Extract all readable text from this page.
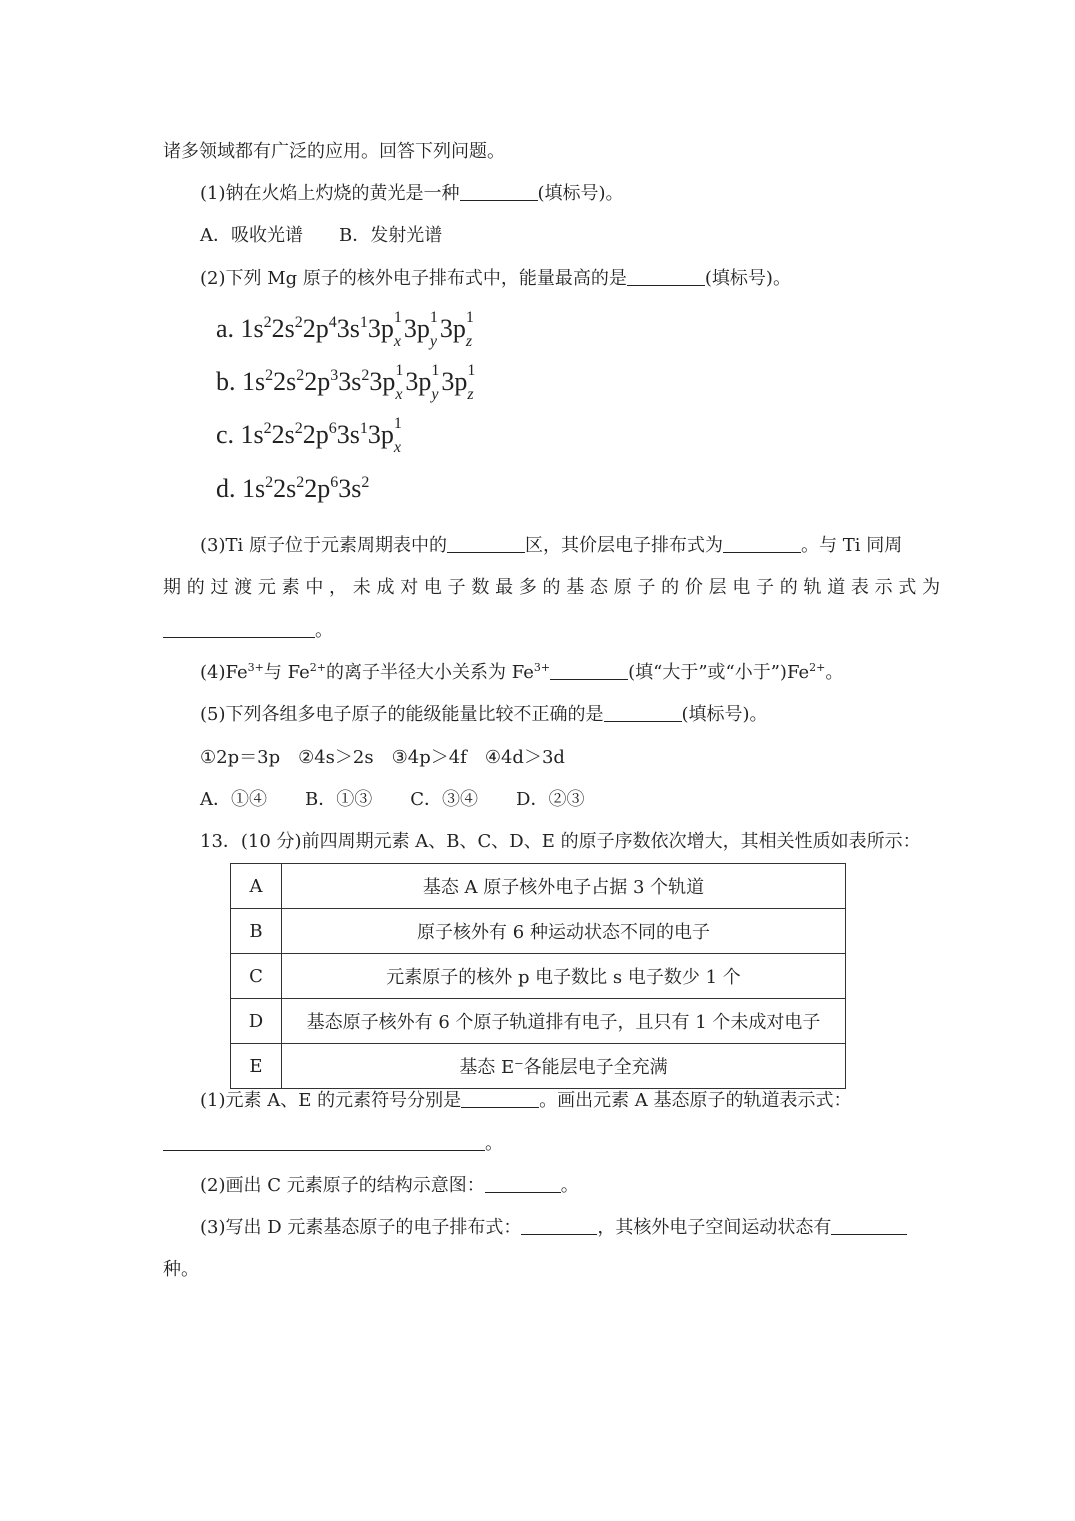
诸多领域都有广泛的应用。回答下列问题。
(1)钠在火焰上灼烧的黄光是一种	(填标号)。
A．吸收光谱 B．发射光谱
(2)下列 Mg 原子的核外电子排布式中，能量最高的是	(填标号)。
a. $1s^22s^22p^43s^13p$ 1
x 3p 1
y 3p 1
z
b. $1s^22s^22p^33s^23p$ 1
x 3p 1
y 3p 1
z
c. $1s^22s^22p^63s^13p$ 1
x
d. $1s^22s^22p^63s^2$
(3)Ti 原子位于元素周期表中的	区，其价层电子排布式为	。与 Ti 同周
期 的 过 渡 元 素 中 ， 未 成 对 电 子 数 最 多 的 基 态 原 子 的 价 层 电 子 的 轨 道 表 示 式 为
。
$(4)Fe^{3+}$与 $Fe^{2+}$的离子半径大小关系为 $Fe^{3+}$	(填“大于”或“小于$”)Fe^{2+}$。
(5)下列各组多电子原子的能级能量比较不正确的是	(填标号)。
①2p＝3p　②4s＞2s　③4p＞4f　④4d＞3d
A．①④ B．①③ C．③④ D．②③
13．(10 分)前四周期元素 A、B、C、D、E 的原子序数依次增大，其相关性质如表所示：
A	基态 A 原子核外电子占据 3 个轨道
B	原子核外有 6 种运动状态不同的电子
C	元素原子的核外 p 电子数比 s 电子数少 1 个
D	基态原子核外有 6 个原子轨道排有电子，且只有 1 个未成对电子
E	基态 E⁻各能层电子全充满
(1)元素 A、E 的元素符号分别是	。画出元素 A 基态原子的轨道表示式：
。
(2)画出 C 元素原子的结构示意图：	。
(3)写出 D 元素基态原子的电子排布式：	，其核外电子空间运动状态有
种。
